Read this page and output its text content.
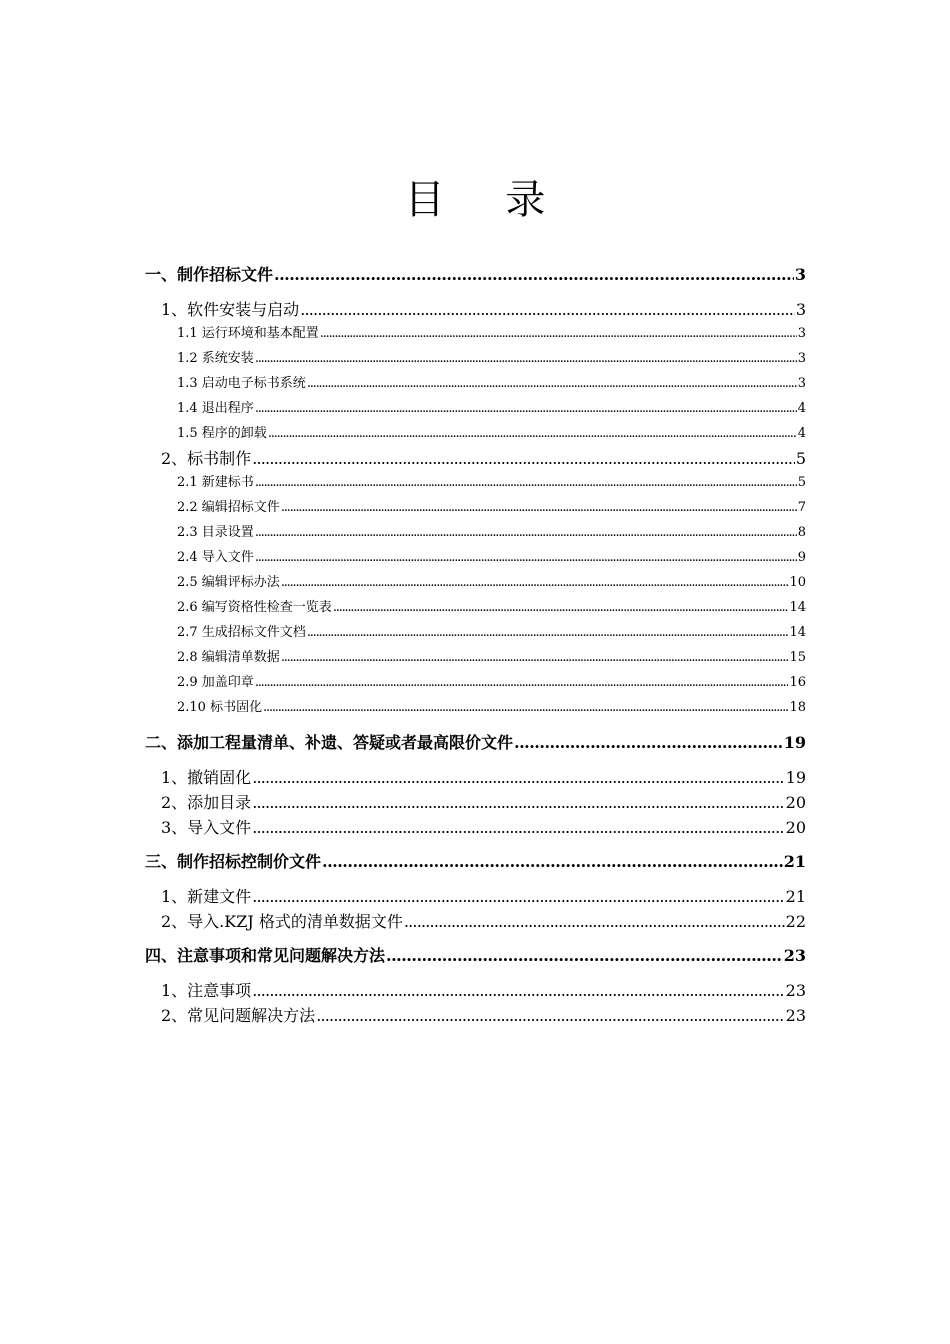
目 录
一、制作招标文件 .....	3
1、软件安装与启动 .....	3
1.1 运行环境和基本配置 .....	3
1.2 系统安装 .....	3
1.3 启动电子标书系统 .....	3
1.4 退出程序 .....	4
1.5 程序的卸载 .....	4
2、标书制作 .....	5
2.1 新建标书 .....	5
2.2 编辑招标文件 .....	7
2.3 目录设置 .....	8
2.4 导入文件 .....	9
2.5 编辑评标办法 .....	10
2.6 编写资格性检查一览表 .....	14
2.7 生成招标文件文档 .....	14
2.8 编辑清单数据 .....	15
2.9 加盖印章 .....	16
2.10 标书固化 .....	18
二、添加工程量清单、补遗、答疑或者最高限价文件 .....	19
1、撤销固化 .....	19
2、添加目录 .....	20
3、导入文件 .....	20
三、制作招标控制价文件 .....	21
1、新建文件 .....	21
2、导入.KZJ 格式的清单数据文件 .....	22
四、注意事项和常见问题解决方法 .....	23
1、注意事项 .....	23
2、常见问题解决方法 .....	23
